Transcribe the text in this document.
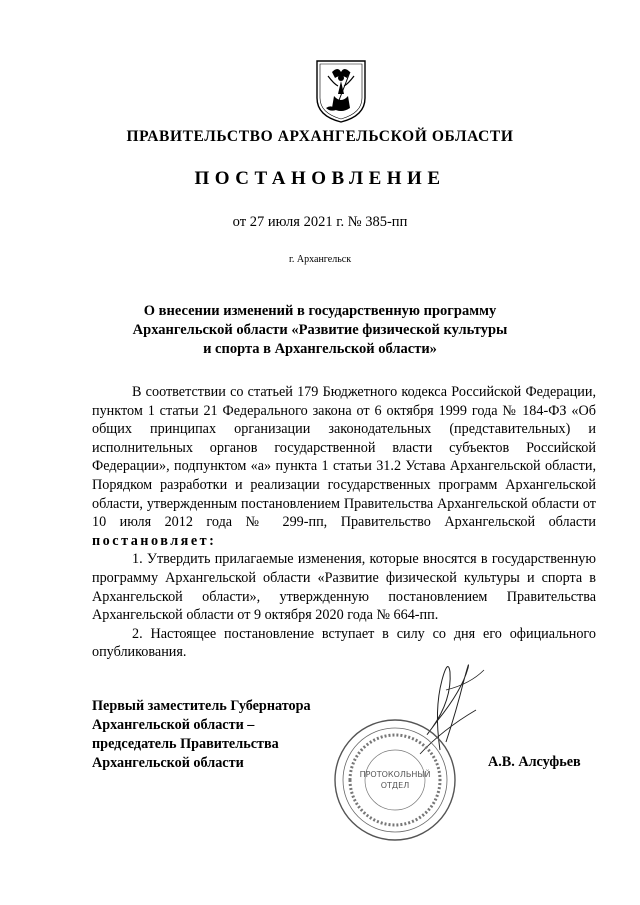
ПРАВИТЕЛЬСТВО АРХАНГЕЛЬСКОЙ ОБЛАСТИ
ПОСТАНОВЛЕНИЕ
от 27 июля 2021 г. № 385-пп
г. Архангельск
О внесении изменений в государственную программу
Архангельской области «Развитие физической культуры
и спорта в Архангельской области»

В соответствии со статьей 179 Бюджетного кодекса Российской Федерации, пунктом 1 статьи 21 Федерального закона от 6 октября 1999 года № 184-ФЗ «Об общих принципах организации законодательных (представительных) и исполнительных органов государственной власти субъектов Российской Федерации», подпунктом «а» пункта 1 статьи 31.2 Устава Архангельской области, Порядком разработки и реализации государственных программ Архангельской области, утвержденным постановлением Правительства Архангельской области от 10 июля 2012 года № 299-пп, Правительство Архангельской области постановляет:

1. Утвердить прилагаемые изменения, которые вносятся в государственную программу Архангельской области «Развитие физической культуры и спорта в Архангельской области», утвержденную постановлением Правительства Архангельской области от 9 октября 2020 года № 664-пп.

2. Настоящее постановление вступает в силу со дня его официального опубликования.

ПРОТОКОЛЬНЫЙ
ОТДЕЛ
Первый заместитель Губернатора
Архангельской области –
председатель Правительства
Архангельской области	А.В. Алсуфьев
